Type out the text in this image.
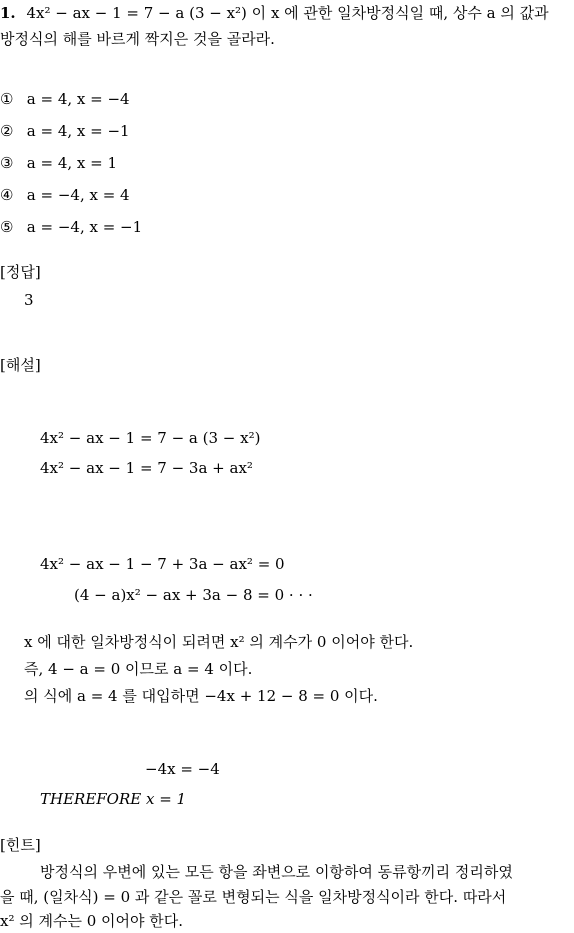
1. 4x² − ax − 1 = 7 − a (3 − x²) 이 x 에 관한 일차방정식일 때, 상수 a 의 값과
방정식의 해를 바르게 짝지은 것을 골라라.
① a = 4, x = −4
② a = 4, x = −1
③ a = 4, x = 1
④ a = −4, x = 4
⑤ a = −4, x = −1
[정답]
3
[해설]
4x² − ax − 1 = 7 − a (3 − x²)
4x² − ax − 1 = 7 − 3a + ax²
4x² − ax − 1 − 7 + 3a − ax² = 0
(4 − a)x² − ax + 3a − 8 = 0 · · ·
x 에 대한 일차방정식이 되려면 x² 의 계수가 0 이어야 한다.
즉, 4 − a = 0 이므로 a = 4 이다.
의 식에 a = 4 를 대입하면 −4x + 12 − 8 = 0 이다.
−4x = −4
THEREFORE x = 1
[힌트]
방정식의 우변에 있는 모든 항을 좌변으로 이항하여 동류항끼리 정리하였
을 때, (일차식) = 0 과 같은 꼴로 변형되는 식을 일차방정식이라 한다. 따라서
x² 의 계수는 0 이어야 한다.
